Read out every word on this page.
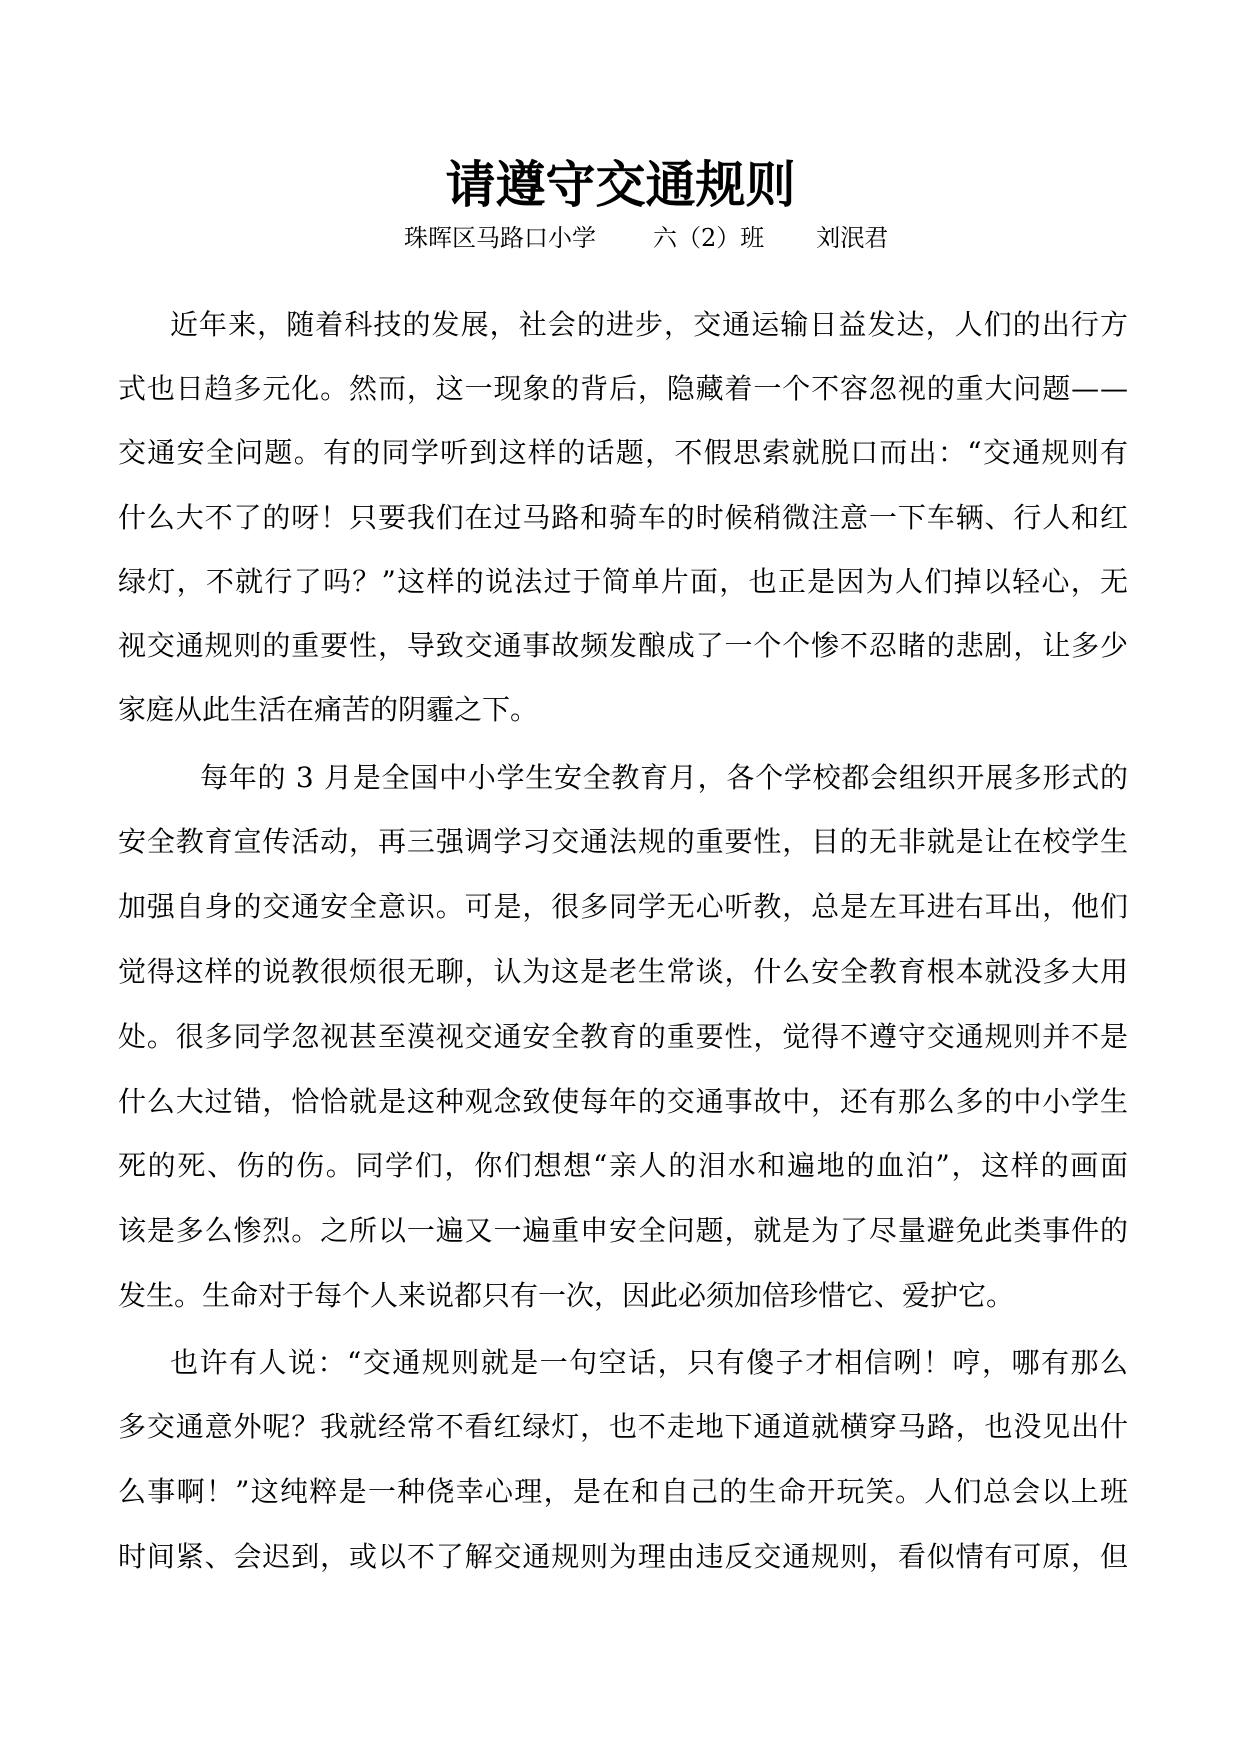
请遵守交通规则
珠晖区马路口小学 六（2）班 刘泯君
近年来，随着科技的发展，社会的进步，交通运输日益发达，人们的出行方
式也日趋多元化。然而，这一现象的背后，隐藏着一个不容忽视的重大问题——
交通安全问题。有的同学听到这样的话题，不假思索就脱口而出：“交通规则有
什么大不了的呀！只要我们在过马路和骑车的时候稍微注意一下车辆、行人和红
绿灯，不就行了吗？”这样的说法过于简单片面，也正是因为人们掉以轻心，无
视交通规则的重要性，导致交通事故频发酿成了一个个惨不忍睹的悲剧，让多少
家庭从此生活在痛苦的阴霾之下。
每年的 3 月是全国中小学生安全教育月，各个学校都会组织开展多形式的
安全教育宣传活动，再三强调学习交通法规的重要性，目的无非就是让在校学生
加强自身的交通安全意识。可是，很多同学无心听教，总是左耳进右耳出，他们
觉得这样的说教很烦很无聊，认为这是老生常谈，什么安全教育根本就没多大用
处。很多同学忽视甚至漠视交通安全教育的重要性，觉得不遵守交通规则并不是
什么大过错，恰恰就是这种观念致使每年的交通事故中，还有那么多的中小学生
死的死、伤的伤。同学们，你们想想“亲人的泪水和遍地的血泊”，这样的画面
该是多么惨烈。之所以一遍又一遍重申安全问题，就是为了尽量避免此类事件的
发生。生命对于每个人来说都只有一次，因此必须加倍珍惜它、爱护它。
也许有人说：“交通规则就是一句空话，只有傻子才相信咧！哼，哪有那么
多交通意外呢？我就经常不看红绿灯，也不走地下通道就横穿马路，也没见出什
么事啊！”这纯粹是一种侥幸心理，是在和自己的生命开玩笑。人们总会以上班
时间紧、会迟到，或以不了解交通规则为理由违反交通规则，看似情有可原，但
